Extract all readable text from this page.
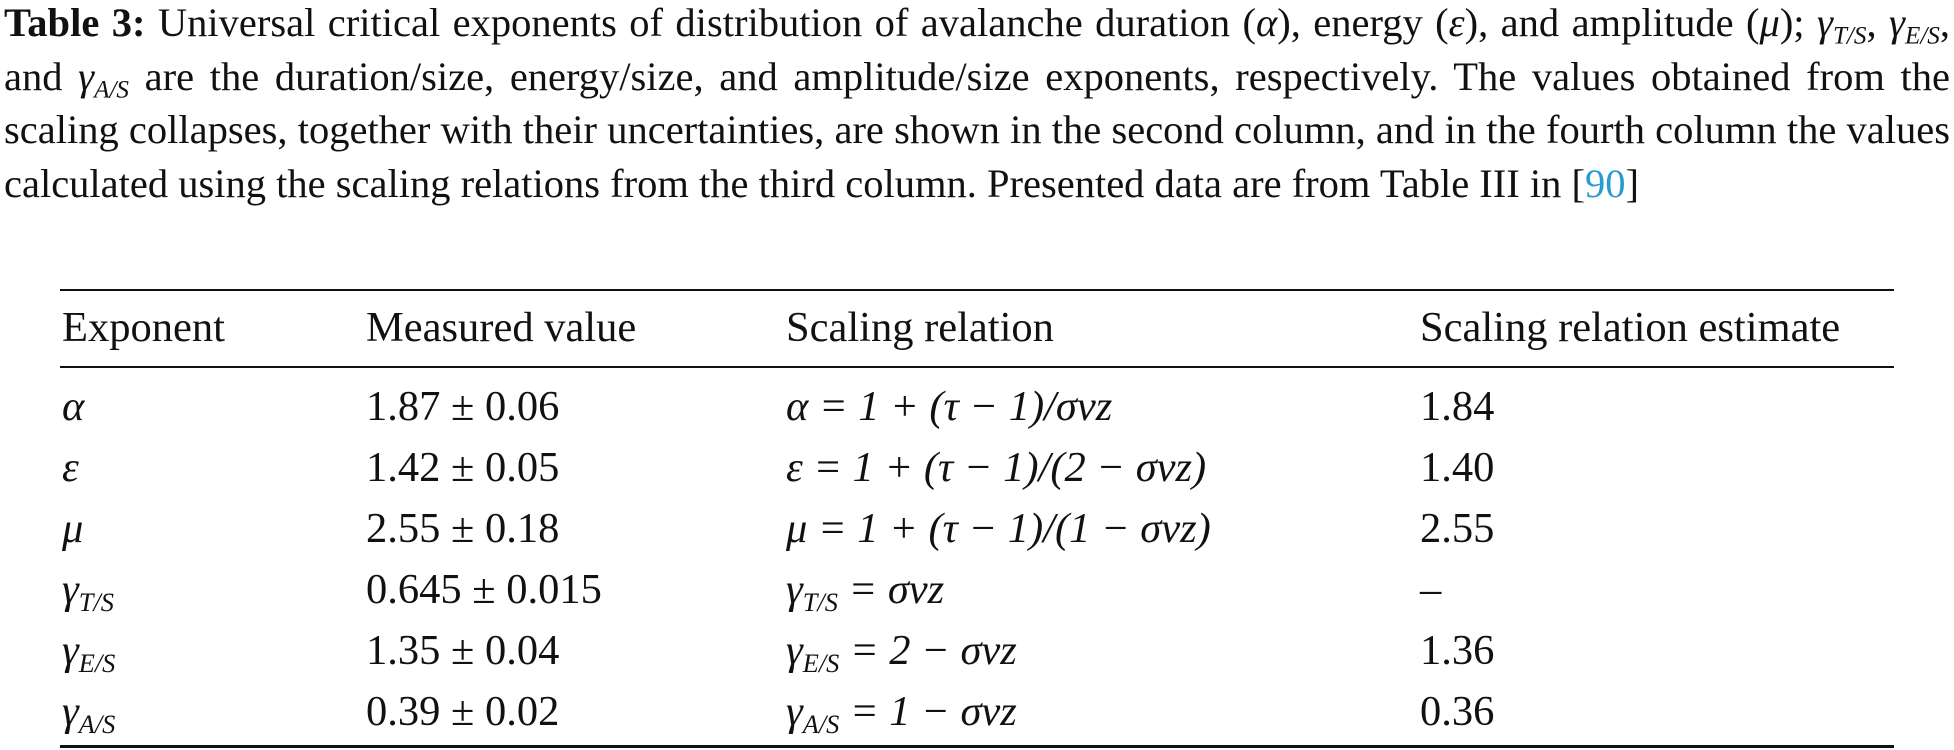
Table 3: Universal critical exponents of distribution of avalanche duration (α), energy (ε), and amplitude (μ); $\gamma_{T/S}$, $\gamma_{E/S}$, and $\gamma_{A/S}$ are the duration/size, energy/size, and amplitude/size exponents, respectively. The values obtained from the scaling collapses, together with their uncertainties, are shown in the second column, and in the fourth column the values calculated using the scaling relations from the third column. Presented data are from Table III in [90]

Exponent	Measured value	Scaling relation	Scaling relation estimate
α	1.87 ± 0.06	α = 1 + (τ − 1)/σνz	1.84
ε	1.42 ± 0.05	ε = 1 + (τ − 1)/(2 − σνz)	1.40
μ	2.55 ± 0.18	μ = 1 + (τ − 1)/(1 − σνz)	2.55
$\gamma_{T/S}$	0.645 ± 0.015	$\gamma_{T/S} = \sigma\nu z$	–
$\gamma_{E/S}$	1.35 ± 0.04	$\gamma_{E/S} = 2 - \sigma\nu z$	1.36
$\gamma_{A/S}$	0.39 ± 0.02	$\gamma_{A/S} = 1 - \sigma\nu z$	0.36
